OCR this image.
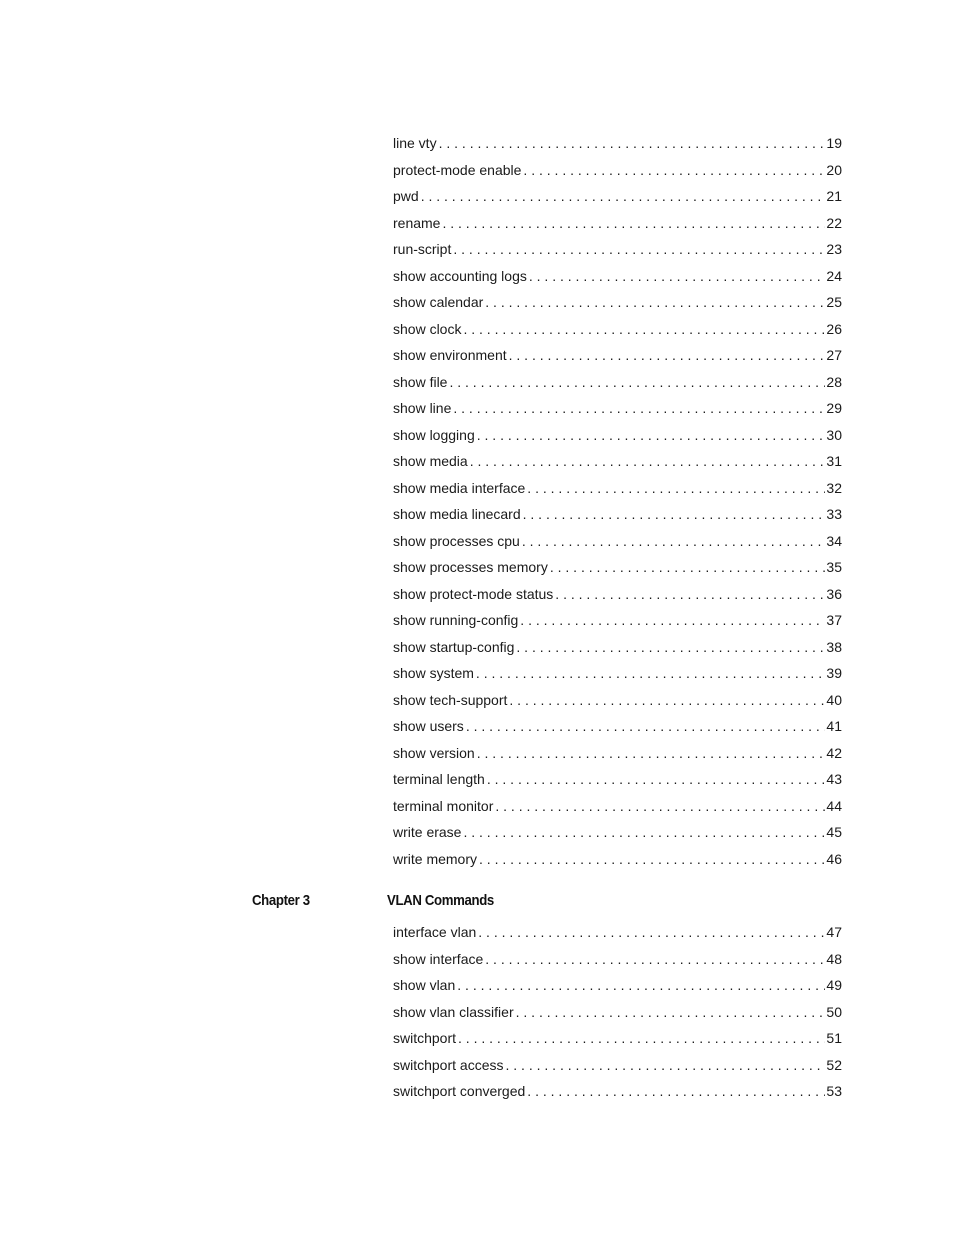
line vty . . .	19
protect-mode enable . . .	20
pwd . . .	21
rename . . .	22
run-script . . .	23
show accounting logs . . .	24
show calendar . . .	25
show clock . . .	26
show environment . . .	27
show file . . .	28
show line . . .	29
show logging . . .	30
show media . . .	31
show media interface . . .	32
show media linecard . . .	33
show processes cpu . . .	34
show processes memory . . .	35
show protect-mode status . . .	36
show running-config . . .	37
show startup-config . . .	38
show system . . .	39
show tech-support . . .	40
show users . . .	41
show version . . .	42
terminal length . . .	43
terminal monitor . . .	44
write erase . . .	45
write memory . . .	46
Chapter 3	VLAN Commands
interface vlan . . .	47
show interface . . .	48
show vlan . . .	49
show vlan classifier . . .	50
switchport . . .	51
switchport access . . .	52
switchport converged . . .	53
